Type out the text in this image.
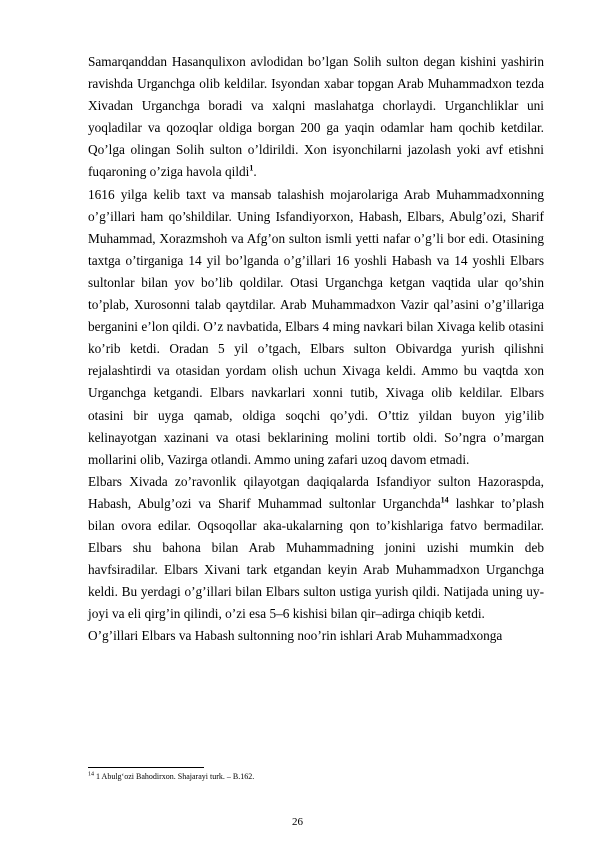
Samarqanddan Hasanqulixon avlodidan bo’lgan Solih sulton degan kishini yashirin ravishda Urganchga olib keldilar. Isyondan xabar topgan Arab Muhammadxon tezda Xivadan Urganchga boradi va xalqni maslahatga chorlaydi. Urganchliklar uni yoqladilar va qozoqlar oldiga borgan 200 ga yaqin odamlar ham qochib ketdilar. Qo’lga olingan Solih sulton o’ldirildi. Xon isyonchilarni jazolash yoki avf etishni fuqaroning o’ziga havola qildi$^1$.

1616 yilga kelib taxt va mansab talashish mojarolariga Arab Muhammadxonning o’g’illari ham qo’shildilar. Uning Isfandiyorxon, Habash, Elbars, Abulg’ozi, Sharif Muhammad, Xorazmshoh va Afg’on sulton ismli yetti nafar o’g’li bor edi. Otasining taxtga o’tirganiga 14 yil bo’lganda o’g’illari 16 yoshli Habash va 14 yoshli Elbars sultonlar bilan yov bo’lib qoldilar. Otasi Urganchga ketgan vaqtida ular qo’shin to’plab, Xurosonni talab qaytdilar. Arab Muhammadxon Vazir qal’asini o’g’illariga berganini e’lon qildi. O’z navbatida, Elbars 4 ming navkari bilan Xivaga kelib otasini ko’rib ketdi. Oradan 5 yil o’tgach, Elbars sulton Obivardga yurish qilishni rejalashtirdi va otasidan yordam olish uchun Xivaga keldi. Ammo bu vaqtda xon Urganchga ketgandi. Elbars navkarlari xonni tutib, Xivaga olib keldilar. Elbars otasini bir uyga qamab, oldiga soqchi qo’ydi. O’ttiz yildan buyon yig’ilib kelinayotgan xazinani va otasi beklarining molini tortib oldi. So’ngra o’margan mollarini olib, Vazirga otlandi. Ammo uning zafari uzoq davom etmadi.

Elbars Xivada zo’ravonlik qilayotgan daqiqalarda Isfandiyor sulton Hazoraspda, Habash, Abulg’ozi va Sharif Muhammad sultonlar Urganchda$^{14}$ lashkar to’plash bilan ovora edilar. Oqsoqollar aka-ukalarning qon to’kishlariga fatvo bermadilar. Elbars shu bahona bilan Arab Muhammadning jonini uzishi mumkin deb havfsiradilar. Elbars Xivani tark etgandan keyin Arab Muhammadxon Urganchga keldi. Bu yerdagi o’g’illari bilan Elbars sulton ustiga yurish qildi. Natijada uning uy-joyi va eli qirg’in qilindi, o’zi esa 5–6 kishisi bilan qir–adirga chiqib ketdi.

O’g’illari Elbars va Habash sultonning noo’rin ishlari Arab Muhammadxonga

$^{14}$ 1 Abulg‘ozi Bahodirxon. Shajarayi turk. – B.162.
26
